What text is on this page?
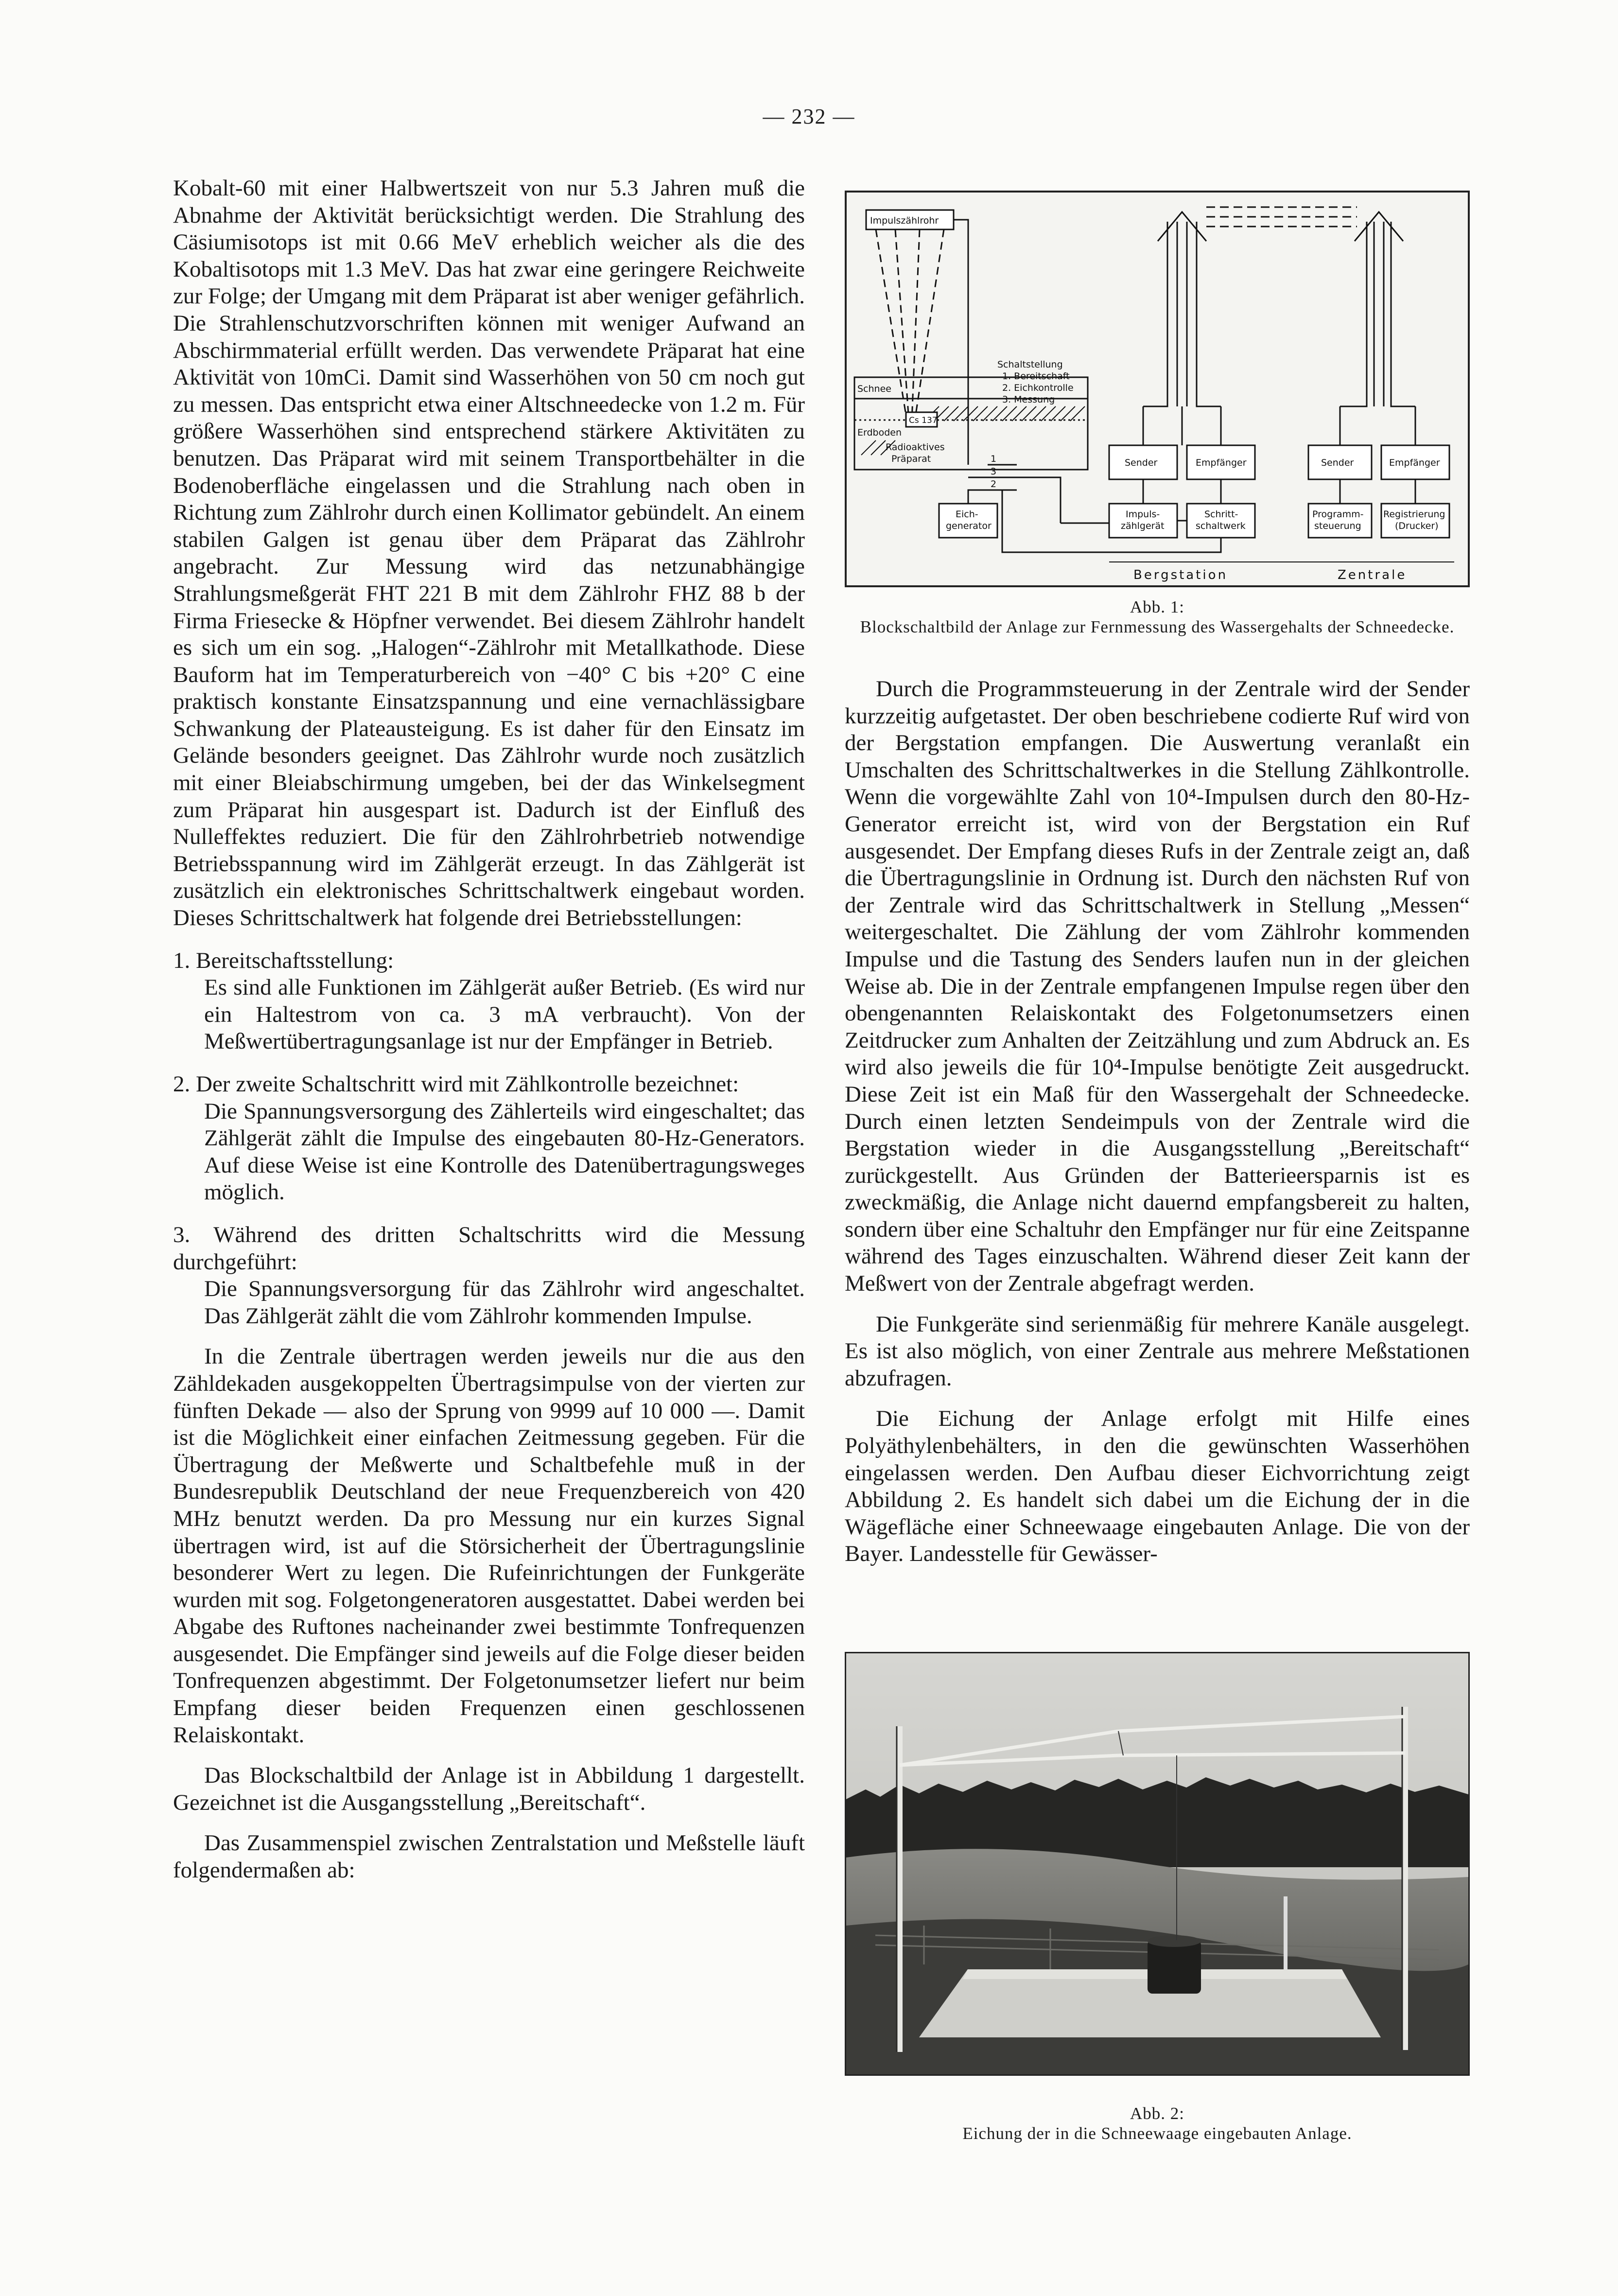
— 232 —

Kobalt-60 mit einer Halbwertszeit von nur 5.3 Jahren muß die Abnahme der Aktivität berücksichtigt werden. Die Strahlung des Cäsiumisotops ist mit 0.66 MeV erheblich weicher als die des Kobaltisotops mit 1.3 MeV. Das hat zwar eine geringere Reichweite zur Folge; der Umgang mit dem Präparat ist aber weniger gefährlich. Die Strahlenschutzvorschriften können mit weniger Aufwand an Abschirmmaterial erfüllt werden. Das verwendete Präparat hat eine Aktivität von 10mCi. Damit sind Wasserhöhen von 50 cm noch gut zu messen. Das entspricht etwa einer Altschneedecke von 1.2 m. Für größere Wasserhöhen sind entsprechend stärkere Aktivitäten zu benutzen. Das Präparat wird mit seinem Transportbehälter in die Bodenoberfläche eingelassen und die Strahlung nach oben in Richtung zum Zählrohr durch einen Kollimator gebündelt. An einem stabilen Galgen ist genau über dem Präparat das Zählrohr angebracht. Zur Messung wird das netzunabhängige Strahlungsmeßgerät FHT 221 B mit dem Zählrohr FHZ 88 b der Firma Friesecke & Höpfner verwendet. Bei diesem Zählrohr handelt es sich um ein sog. „Halogen“-Zählrohr mit Metallkathode. Diese Bauform hat im Temperaturbereich von −40° C bis +20° C eine praktisch konstante Einsatzspannung und eine vernachlässigbare Schwankung der Plateausteigung. Es ist daher für den Einsatz im Gelände besonders geeignet. Das Zählrohr wurde noch zusätzlich mit einer Bleiabschirmung umgeben, bei der das Winkelsegment zum Präparat hin ausgespart ist. Dadurch ist der Einfluß des Nulleffektes reduziert. Die für den Zählrohrbetrieb notwendige Betriebsspannung wird im Zählgerät erzeugt. In das Zählgerät ist zusätzlich ein elektronisches Schrittschaltwerk eingebaut worden. Dieses Schrittschaltwerk hat folgende drei Betriebsstellungen:

1. Bereitschaftsstellung:

Es sind alle Funktionen im Zählgerät außer Betrieb. (Es wird nur ein Haltestrom von ca. 3 mA verbraucht). Von der Meßwertübertragungsanlage ist nur der Empfänger in Betrieb.

2. Der zweite Schaltschritt wird mit Zählkontrolle bezeichnet:

Die Spannungsversorgung des Zählerteils wird eingeschaltet; das Zählgerät zählt die Impulse des eingebauten 80-Hz-Generators. Auf diese Weise ist eine Kontrolle des Datenübertragungsweges möglich.

3. Während des dritten Schaltschritts wird die Messung durchgeführt:

Die Spannungsversorgung für das Zählrohr wird angeschaltet. Das Zählgerät zählt die vom Zählrohr kommenden Impulse.

In die Zentrale übertragen werden jeweils nur die aus den Zähldekaden ausgekoppelten Übertragsimpulse von der vierten zur fünften Dekade — also der Sprung von 9999 auf 10 000 —. Damit ist die Möglichkeit einer einfachen Zeitmessung gegeben. Für die Übertragung der Meßwerte und Schaltbefehle muß in der Bundesrepublik Deutschland der neue Frequenzbereich von 420 MHz benutzt werden. Da pro Messung nur ein kurzes Signal übertragen wird, ist auf die Störsicherheit der Übertragungslinie besonderer Wert zu legen. Die Rufeinrichtungen der Funkgeräte wurden mit sog. Folgetongeneratoren ausgestattet. Dabei werden bei Abgabe des Ruftones nacheinander zwei bestimmte Tonfrequenzen ausgesendet. Die Empfänger sind jeweils auf die Folge dieser beiden Tonfrequenzen abgestimmt. Der Folgetonumsetzer liefert nur beim Empfang dieser beiden Frequenzen einen geschlossenen Relaiskontakt.

Das Blockschaltbild der Anlage ist in Abbildung 1 dargestellt. Gezeichnet ist die Ausgangsstellung „Bereitschaft“.

Das Zusammenspiel zwischen Zentralstation und Meßstelle läuft folgendermaßen ab:

Impulszählrohr
Schnee
Cs 137
Erdboden
Radioaktives
Präparat
Schaltstellung
1. Bereitschaft
2. Eichkontrolle
3. Messung
1
3
2
Sender	Empfänger
Impuls-
zählgerät
Schritt-
schaltwerk
Eich-
generator
Sender	Empfänger
Programm-
steuerung
Registrierung
(Drucker)
Bergstation	Zentrale
Abb. 1:
Blockschaltbild der Anlage zur Fernmessung des Wassergehalts der Schneedecke.

Durch die Programmsteuerung in der Zentrale wird der Sender kurzzeitig aufgetastet. Der oben beschriebene codierte Ruf wird von der Bergstation empfangen. Die Auswertung veranlaßt ein Umschalten des Schrittschaltwerkes in die Stellung Zählkontrolle. Wenn die vorgewählte Zahl von 10⁴-Impulsen durch den 80-Hz-Generator erreicht ist, wird von der Bergstation ein Ruf ausgesendet. Der Empfang dieses Rufs in der Zentrale zeigt an, daß die Übertragungslinie in Ordnung ist. Durch den nächsten Ruf von der Zentrale wird das Schrittschaltwerk in Stellung „Messen“ weitergeschaltet. Die Zählung der vom Zählrohr kommenden Impulse und die Tastung des Senders laufen nun in der gleichen Weise ab. Die in der Zentrale empfangenen Impulse regen über den obengenannten Relaiskontakt des Folgetonumsetzers einen Zeitdrucker zum Anhalten der Zeitzählung und zum Abdruck an. Es wird also jeweils die für 10⁴-Impulse benötigte Zeit ausgedruckt. Diese Zeit ist ein Maß für den Wassergehalt der Schneedecke. Durch einen letzten Sendeimpuls von der Zentrale wird die Bergstation wieder in die Ausgangsstellung „Bereitschaft“ zurückgestellt. Aus Gründen der Batterieersparnis ist es zweckmäßig, die Anlage nicht dauernd empfangsbereit zu halten, sondern über eine Schaltuhr den Empfänger nur für eine Zeitspanne während des Tages einzuschalten. Während dieser Zeit kann der Meßwert von der Zentrale abgefragt werden.

Die Funkgeräte sind serienmäßig für mehrere Kanäle ausgelegt. Es ist also möglich, von einer Zentrale aus mehrere Meßstationen abzufragen.

Die Eichung der Anlage erfolgt mit Hilfe eines Polyäthylenbehälters, in den die gewünschten Wasserhöhen eingelassen werden. Den Aufbau dieser Eichvorrichtung zeigt Abbildung 2. Es handelt sich dabei um die Eichung der in die Wägefläche einer Schneewaage eingebauten Anlage. Die von der Bayer. Landesstelle für Gewässer-

Abb. 2:
Eichung der in die Schneewaage eingebauten Anlage.
